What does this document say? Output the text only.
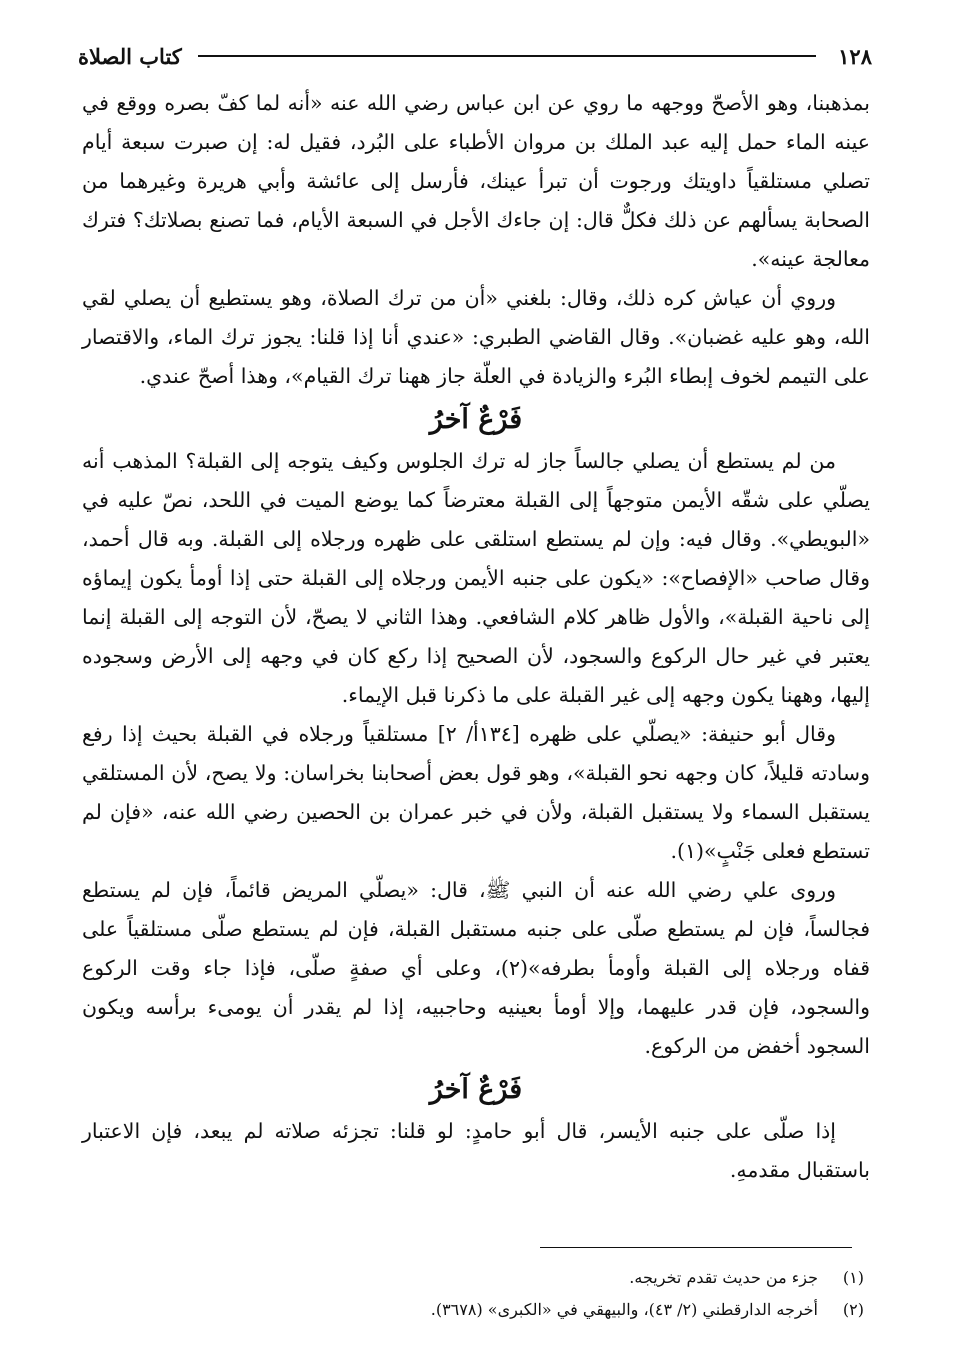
١٢٨
كتاب الصلاة

بمذهبنا، وهو الأصحّ ووجهه ما روي عن ابن عباس رضي الله عنه «أنه لما كفّ بصره ووقع في عينه الماء حمل إليه عبد الملك بن مروان الأطباء على البُرد، فقيل له: إن صبرت سبعة أيام تصلي مستلقياً داويتك ورجوت أن تبرأ عينك، فأرسل إلى عائشة وأبي هريرة وغيرهما من الصحابة يسألهم عن ذلك فكلٌّ قال: إن جاءك الأجل في السبعة الأيام، فما تصنع بصلاتك؟ فترك معالجة عينه».

وروي أن عياش كره ذلك، وقال: بلغني «أن من ترك الصلاة، وهو يستطيع أن يصلي لقي الله، وهو عليه غضبان». وقال القاضي الطبري: «عندي أنا إذا قلنا: يجوز ترك الماء، والاقتصار على التيمم لخوف إبطاء البُرء والزيادة في العلّة جاز ههنا ترك القيام»، وهذا أصحّ عندي.

فَرْعٌ آخرُ

من لم يستطع أن يصلي جالساً جاز له ترك الجلوس وكيف يتوجه إلى القبلة؟ المذهب أنه يصلّي على شقّه الأيمن متوجهاً إلى القبلة معترضاً كما يوضع الميت في اللحد، نصّ عليه في «البويطي». وقال فيه: وإن لم يستطع استلقى على ظهره ورجلاه إلى القبلة. وبه قال أحمد، وقال صاحب «الإفصاح»: «يكون على جنبه الأيمن ورجلاه إلى القبلة حتى إذا أومأ يكون إيماؤه إلى ناحية القبلة»، والأول ظاهر كلام الشافعي. وهذا الثاني لا يصحّ، لأن التوجه إلى القبلة إنما يعتبر في غير حال الركوع والسجود، لأن الصحيح إذا ركع كان في وجهه إلى الأرض وسجوده إليها، وههنا يكون وجهه إلى غير القبلة على ما ذكرنا قبل الإيماء.

وقال أبو حنيفة: «يصلّي على ظهره [١٣٤أ/ ٢] مستلقياً ورجلاه في القبلة بحيث إذا رفع وسادته قليلاً، كان وجهه نحو القبلة»، وهو قول بعض أصحابنا بخراسان: ولا يصح، لأن المستلقي يستقبل السماء ولا يستقبل القبلة، ولأن في خبر عمران بن الحصين رضي الله عنه، «فإن لم تستطع فعلى جَنْبٍ»(١).

وروى علي رضي الله عنه أن النبي ﷺ، قال: «يصلّي المريض قائماً، فإن لم يستطع فجالساً، فإن لم يستطع صلّى على جنبه مستقبل القبلة، فإن لم يستطع صلّى مستلقياً على قفاه ورجلاه إلى القبلة وأومأ بطرفه»(٢)، وعلى أي صفةٍ صلّى، فإذا جاء وقت الركوع والسجود، فإن قدر عليهما، وإلا أومأ بعينيه وحاجبيه، إذا لم يقدر أن يومىء برأسه ويكون السجود أخفض من الركوع.

فَرْعٌ آخرُ

إذا صلّى على جنبه الأيسر، قال أبو حامدٍ: لو قلنا: تجزئه صلاته لم يبعد، فإن الاعتبار باستقبال مقدمهِ.

(١)
جزء من حديث تقدم تخريجه.
(٢)
أخرجه الدارقطني (٢/ ٤٣)، والبيهقي في «الكبرى» (٣٦٧٨).
